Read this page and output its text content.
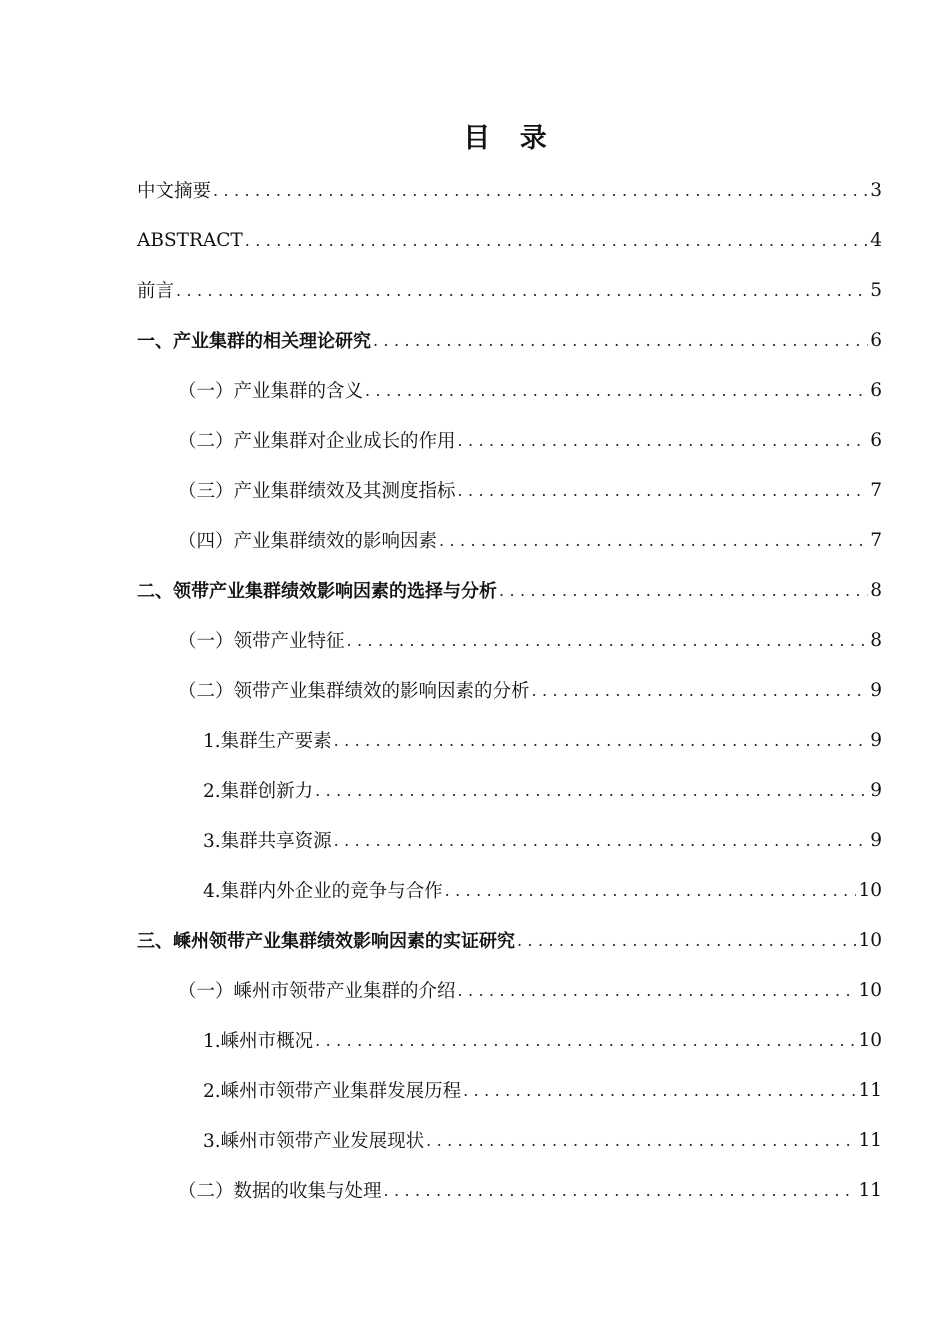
目 录
中文摘要 .....	3
ABSTRACT .....	4
前言 .....	5
一、产业集群的相关理论研究 .....	6
（一）产业集群的含义 .....	6
（二）产业集群对企业成长的作用 .....	6
（三）产业集群绩效及其测度指标 .....	7
（四）产业集群绩效的影响因素 .....	7
二、领带产业集群绩效影响因素的选择与分析 .....	8
（一）领带产业特征 .....	8
（二）领带产业集群绩效的影响因素的分析 .....	9
1.集群生产要素 .....	9
2.集群创新力 .....	9
3.集群共享资源 .....	9
4.集群内外企业的竞争与合作 .....	10
三、嵊州领带产业集群绩效影响因素的实证研究 .....	10
（一）嵊州市领带产业集群的介绍 .....	10
1.嵊州市概况 .....	10
2.嵊州市领带产业集群发展历程 .....	11
3.嵊州市领带产业发展现状 .....	11
（二）数据的收集与处理 .....	11
